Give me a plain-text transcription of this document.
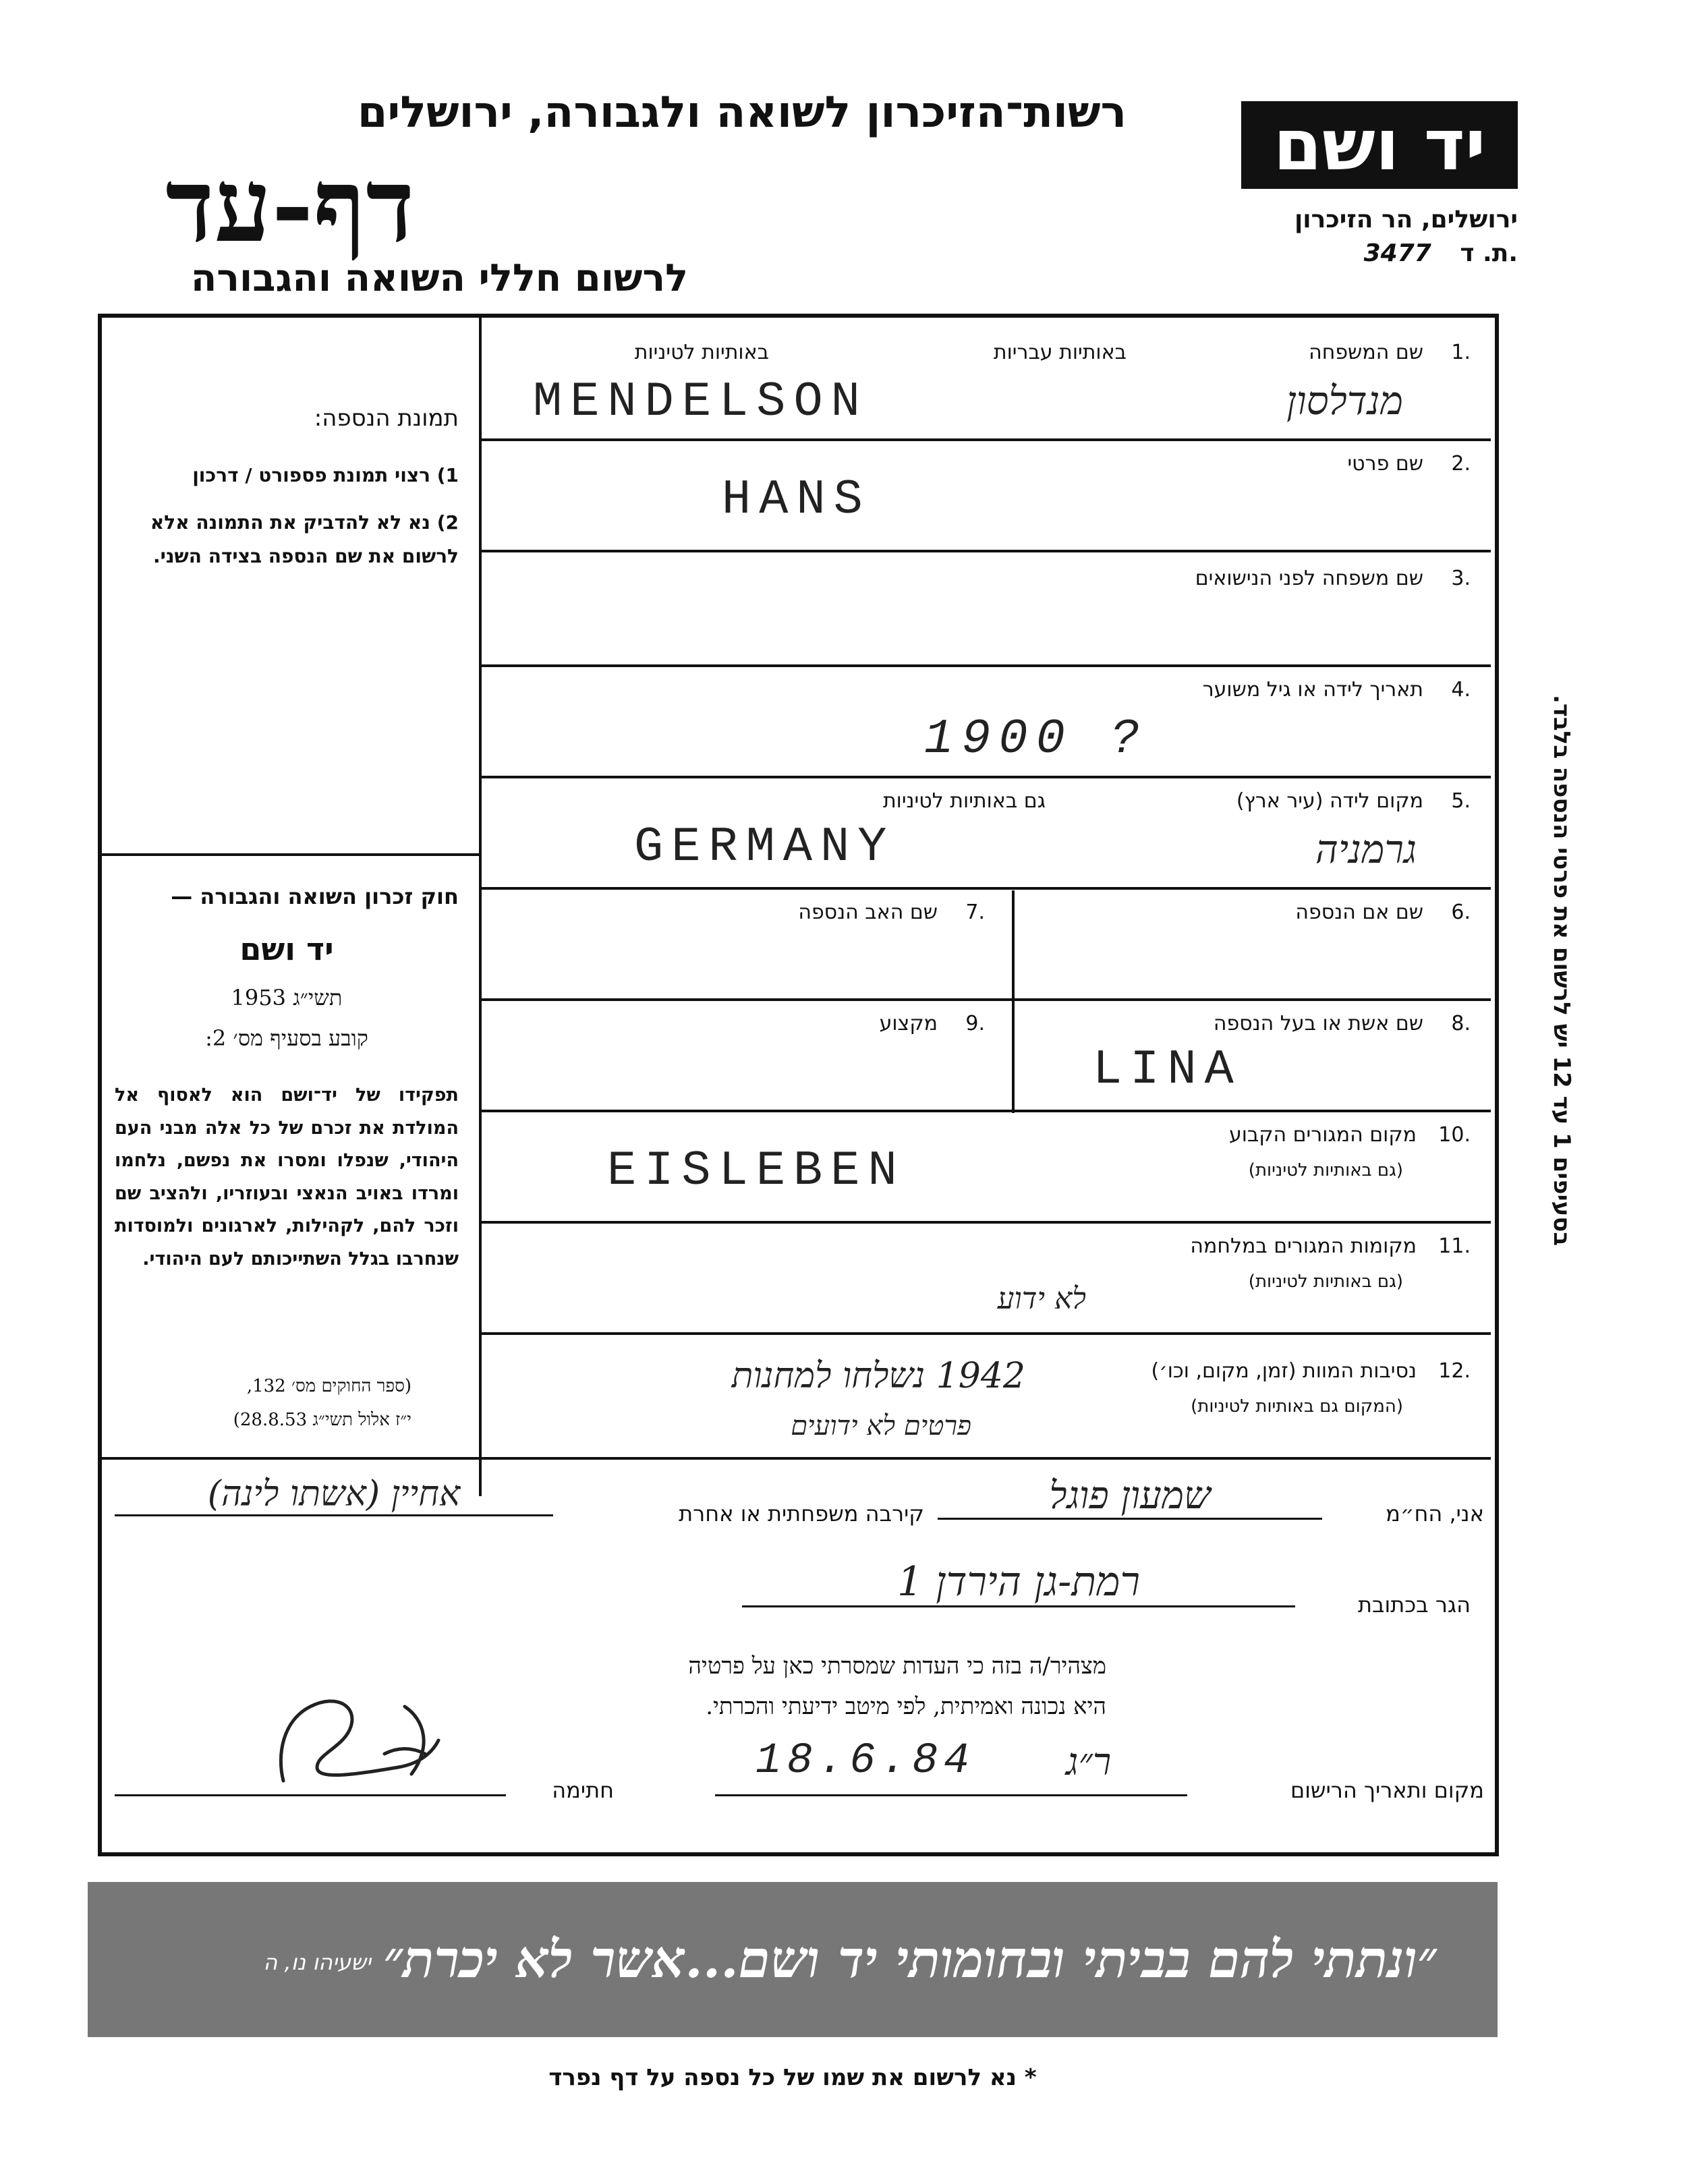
רשות־הזיכרון לשואה ולגבורה, ירושלים
דף-עד
לרשום חללי השואה והגבורה
יד ושם
ירושלים, הר הזיכרון
3477 ת. ד.
תמונת הנספה:
1) רצוי תמונת פספורט / דרכון
2) נא לא להדביק את התמונה אלא לרשום את שם הנספה בצידה השני.
חוק זכרון השואה והגבורה —
יד ושם
תשי״ג 1953
קובע בסעיף מס׳ 2:
תפקידו של יד־ושם הוא לאסוף אל המולדת את זכרם של כל אלה מבני העם היהודי, שנפלו ומסרו את נפשם, נלחמו ומרדו באויב הנאצי ובעוזריו, ולהציב שם וזכר להם, לקהילות, לארגונים ולמוסדות שנחרבו בגלל השתייכותם לעם היהודי.
(ספר החוקים מס׳ 132,
י״ז אלול תשי״ג 28.8.53)
1.
שם המשפחה
באותיות עבריות
באותיות לטיניות
MENDELSON	מנדלסון
2.
שם פרטי
HANS
3.
שם משפחה לפני הנישואים
4.
תאריך לידה או גיל משוער
1900 ?
5.
מקום לידה (עיר ארץ)
גם באותיות לטיניות
GERMANY	גרמניה
6.
שם אם הנספה
7.
שם האב הנספה
8.
שם אשת או בעל הנספה
LINA
9.
מקצוע
10.
מקום המגורים הקבוע
(גם באותיות לטיניות)
EISLEBEN
11.
מקומות המגורים במלחמה
(גם באותיות לטיניות)
לא ידוע
12.
נסיבות המוות (זמן, מקום, וכו׳)
(המקום גם באותיות לטיניות)
1942 נשלחו למחנות
פרטים לא ידועים
אני, הח״מ
שמעון פוגל
קירבה משפחתית או אחרת
אחיין (אשתו לינה)
הגר בכתובת
רמת-גן הירדן 1
מצהיר/ה בזה כי העדות שמסרתי כאן על פרטיה
היא נכונה ואמיתית, לפי מיטב ידיעתי והכרתי.
מקום ותאריך הרישום
ר״ג
18.6.84
חתימה
בסעיפים 1 עד 12 יש לרשום את פרטי הנספה בלבד.
״ונתתי להם בביתי ובחומותי יד ושם...אשר לא יכרת״
ישעיהו נו, ה
* נא לרשום את שמו של כל נספה על דף נפרד
